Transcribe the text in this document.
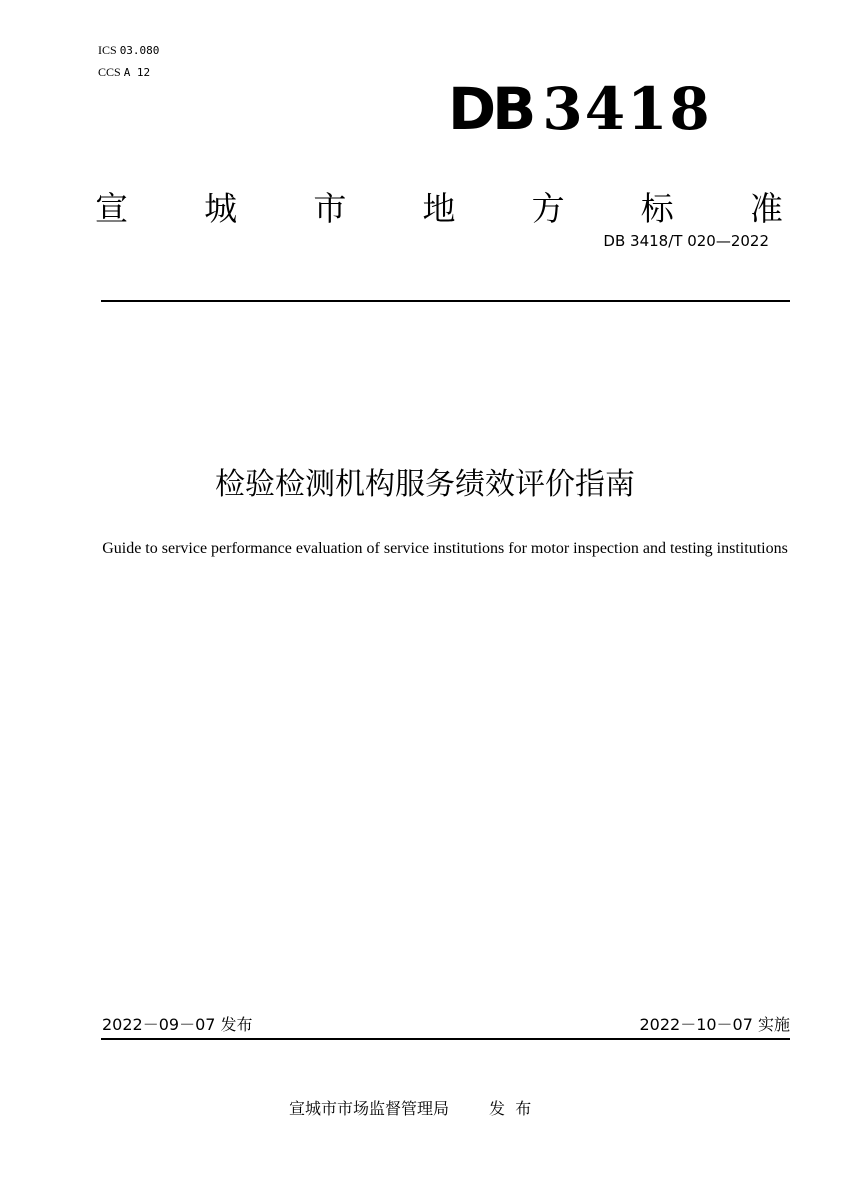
ICS 03.080
CCS A 12
DB 3418
宣 城 市 地 方 标 准
DB 3418/T 020—2022
检验检测机构服务绩效评价指南
Guide to service performance evaluation of service institutions for motor inspection and testing institutions
2022－09－07 发布	2022－10－07 实施
宣城市市场监督管理局	发  布
